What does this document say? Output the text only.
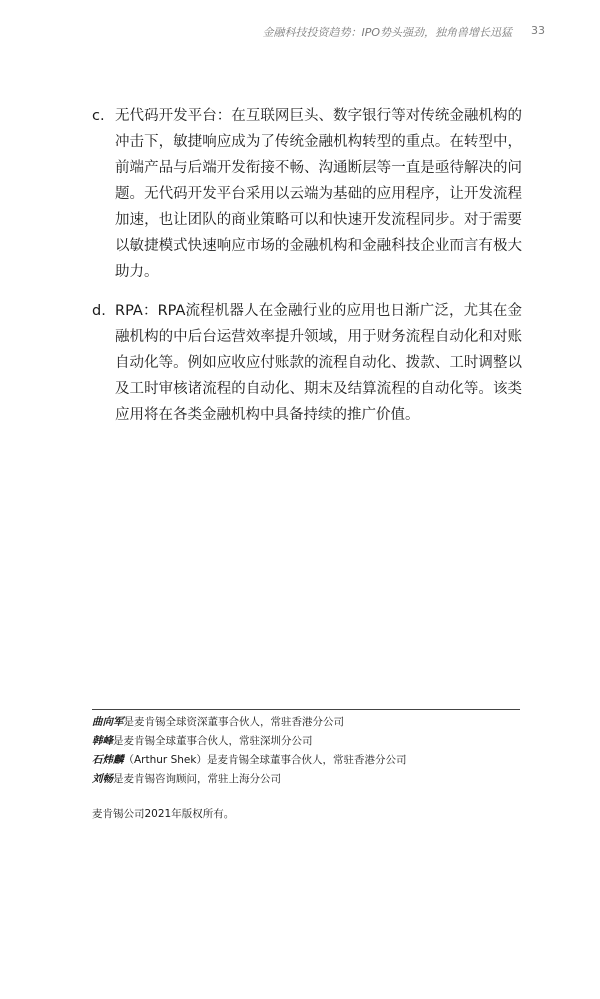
金融科技投资趋势：IPO势头强劲，独角兽增长迅猛 33
c. 无代码开发平台：在互联网巨头、数字银行等对传统金融机构的冲击下，敏捷响应成为了传统金融机构转型的重点。在转型中，前端产品与后端开发衔接不畅、沟通断层等一直是亟待解决的问题。无代码开发平台采用以云端为基础的应用程序，让开发流程加速，也让团队的商业策略可以和快速开发流程同步。对于需要以敏捷模式快速响应市场的金融机构和金融科技企业而言有极大助力。
d. RPA：RPA流程机器人在金融行业的应用也日渐广泛，尤其在金融机构的中后台运营效率提升领域，用于财务流程自动化和对账自动化等。例如应收应付账款的流程自动化、拨款、工时调整以及工时审核诸流程的自动化、期末及结算流程的自动化等。该类应用将在各类金融机构中具备持续的推广价值。
曲向军是麦肯锡全球资深董事合伙人，常驻香港分公司
韩峰是麦肯锡全球董事合伙人，常驻深圳分公司
石炜麟（Arthur Shek）是麦肯锡全球董事合伙人，常驻香港分公司
刘畅是麦肯锡咨询顾问，常驻上海分公司
麦肯锡公司2021年版权所有。
